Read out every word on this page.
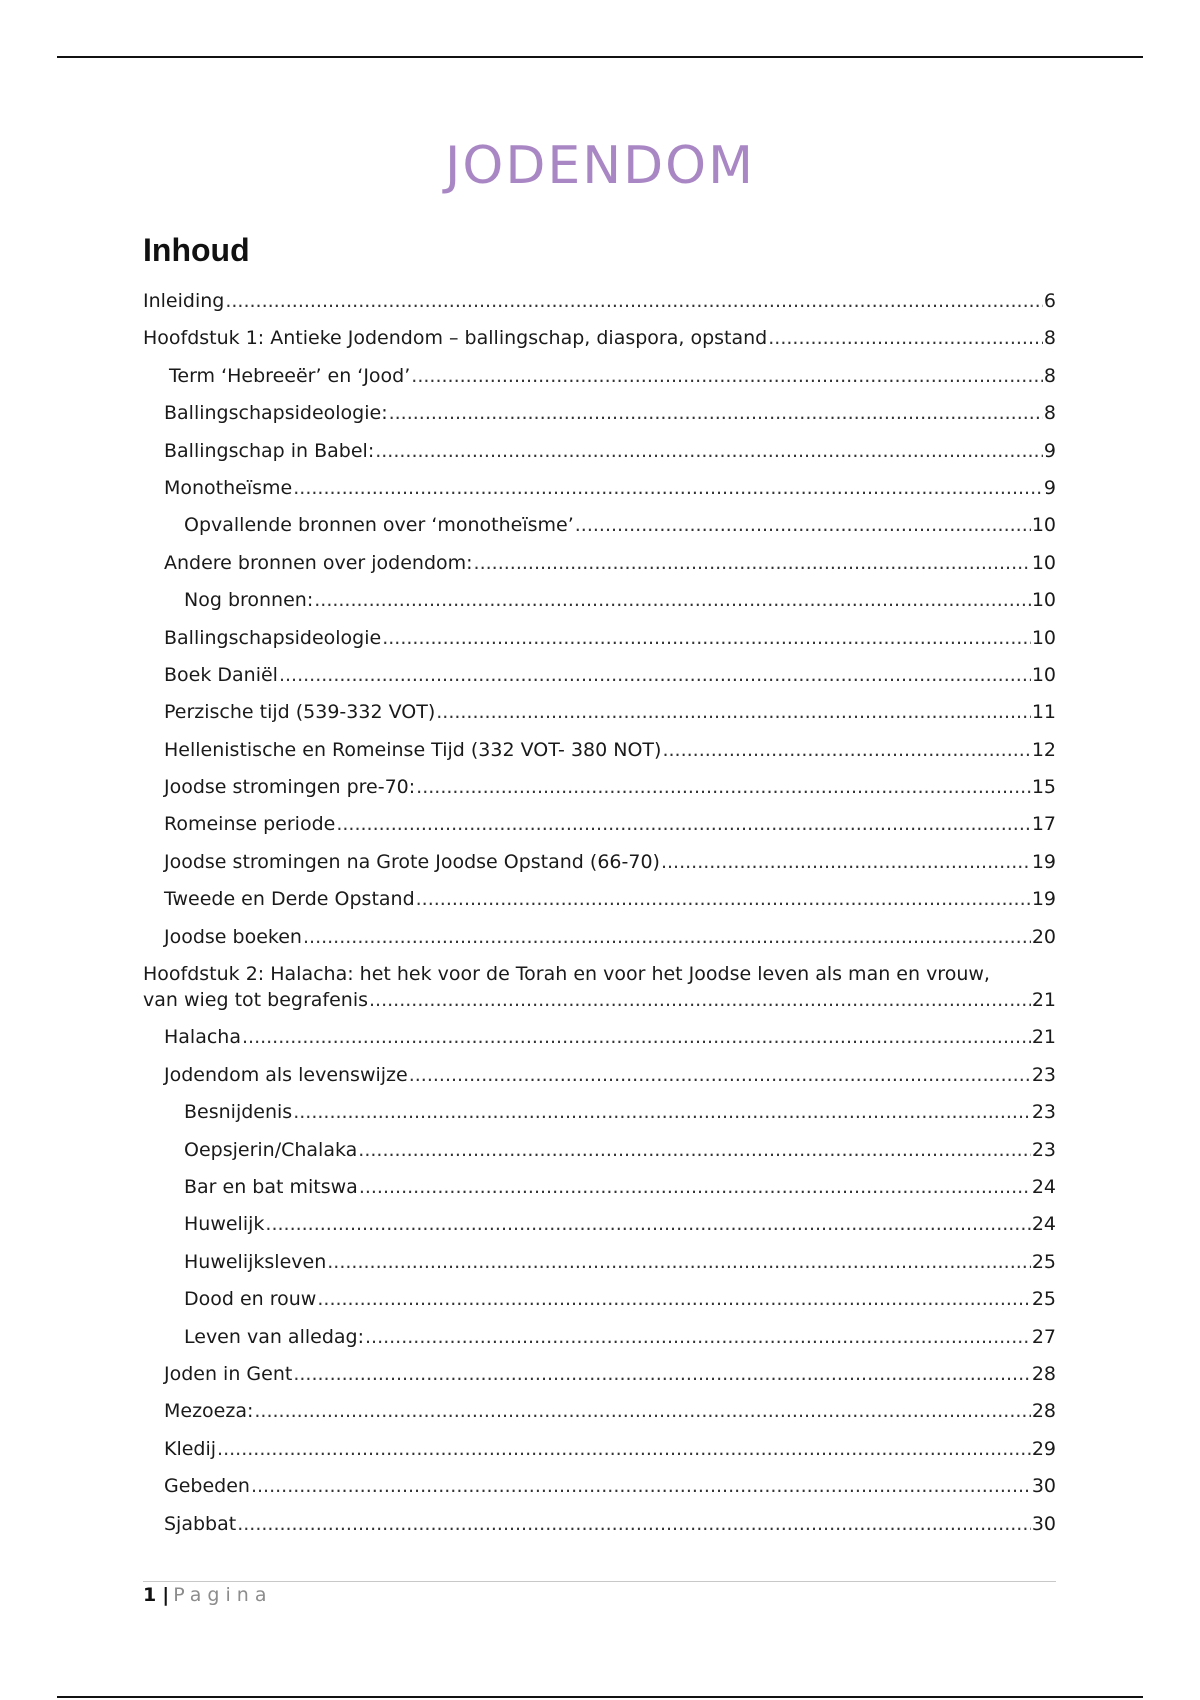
JODENDOM
Inhoud
Inleiding .....	6
Hoofdstuk 1: Antieke Jodendom – ballingschap, diaspora, opstand .....	8
Term ‘Hebreeër’ en ‘Jood’ .....	8
Ballingschapsideologie: .....	8
Ballingschap in Babel: .....	9
Monotheïsme .....	9
Opvallende bronnen over ‘monotheïsme’ .....	10
Andere bronnen over jodendom: .....	10
Nog bronnen: .....	10
Ballingschapsideologie .....	10
Boek Daniël .....	10
Perzische tijd (539-332 VOT) .....	11
Hellenistische en Romeinse Tijd (332 VOT- 380 NOT) .....	12
Joodse stromingen pre-70: .....	15
Romeinse periode .....	17
Joodse stromingen na Grote Joodse Opstand (66-70) .....	19
Tweede en Derde Opstand .....	19
Joodse boeken .....	20
Hoofdstuk 2: Halacha: het hek voor de Torah en voor het Joodse leven als man en vrouw,
van wieg tot begrafenis .....	21
Halacha .....	21
Jodendom als levenswijze .....	23
Besnijdenis .....	23
Oepsjerin/Chalaka .....	23
Bar en bat mitswa .....	24
Huwelijk .....	24
Huwelijksleven .....	25
Dood en rouw .....	25
Leven van alledag: .....	27
Joden in Gent .....	28
Mezoeza: .....	28
Kledij .....	29
Gebeden .....	30
Sjabbat .....	30
1 | Pagina
